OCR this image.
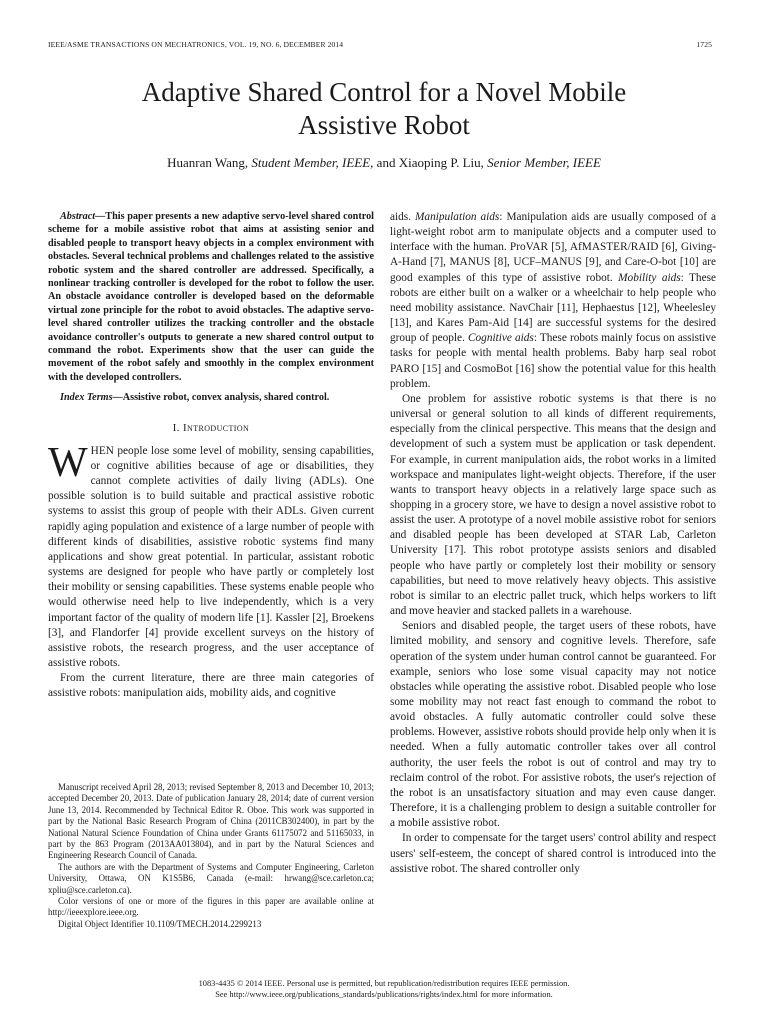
IEEE/ASME TRANSACTIONS ON MECHATRONICS, VOL. 19, NO. 6, DECEMBER 2014	1725
Adaptive Shared Control for a Novel Mobile
Assistive Robot
Huanran Wang, Student Member, IEEE, and Xiaoping P. Liu, Senior Member, IEEE

Abstract—This paper presents a new adaptive servo-level shared control scheme for a mobile assistive robot that aims at assisting senior and disabled people to transport heavy objects in a complex environment with obstacles. Several technical problems and challenges related to the assistive robotic system and the shared controller are addressed. Specifically, a nonlinear tracking controller is developed for the robot to follow the user. An obstacle avoidance controller is developed based on the deformable virtual zone principle for the robot to avoid obstacles. The adaptive servo-level shared controller utilizes the tracking controller and the obstacle avoidance controller's outputs to generate a new shared control output to command the robot. Experiments show that the user can guide the movement of the robot safely and smoothly in the complex environment with the developed controllers.

Index Terms—Assistive robot, convex analysis, shared control.

I. Introduction

WHEN people lose some level of mobility, sensing capabilities, or cognitive abilities because of age or disabilities, they cannot complete activities of daily living (ADLs). One possible solution is to build suitable and practical assistive robotic systems to assist this group of people with their ADLs. Given current rapidly aging population and existence of a large number of people with different kinds of disabilities, assistive robotic systems find many applications and show great potential. In particular, assistant robotic systems are designed for people who have partly or completely lost their mobility or sensing capabilities. These systems enable people who would otherwise need help to live independently, which is a very important factor of the quality of modern life [1]. Kassler [2], Broekens [3], and Flandorfer [4] provide excellent surveys on the history of assistive robots, the research progress, and the user acceptance of assistive robots.

From the current literature, there are three main categories of assistive robots: manipulation aids, mobility aids, and cognitive

Manuscript received April 28, 2013; revised September 8, 2013 and December 10, 2013; accepted December 20, 2013. Date of publication January 28, 2014; date of current version June 13, 2014. Recommended by Technical Editor R. Oboe. This work was supported in part by the National Basic Research Program of China (2011CB302400), in part by the National Natural Science Foundation of China under Grants 61175072 and 51165033, in part by the 863 Program (2013AA013804), and in part by the Natural Sciences and Engineering Research Council of Canada.

The authors are with the Department of Systems and Computer Engineering, Carleton University, Ottawa, ON K1S5B6, Canada (e-mail: hrwang@sce.carleton.ca; xpliu@sce.carleton.ca).

Color versions of one or more of the figures in this paper are available online at http://ieeexplore.ieee.org.

Digital Object Identifier 10.1109/TMECH.2014.2299213

aids. Manipulation aids: Manipulation aids are usually composed of a light-weight robot arm to manipulate objects and a computer used to interface with the human. ProVAR [5], AfMASTER/RAID [6], Giving-A-Hand [7], MANUS [8], UCF–MANUS [9], and Care-O-bot [10] are good examples of this type of assistive robot. Mobility aids: These robots are either built on a walker or a wheelchair to help people who need mobility assistance. NavChair [11], Hephaestus [12], Wheelesley [13], and Kares Pam-Aid [14] are successful systems for the desired group of people. Cognitive aids: These robots mainly focus on assistive tasks for people with mental health problems. Baby harp seal robot PARO [15] and CosmoBot [16] show the potential value for this health problem.

One problem for assistive robotic systems is that there is no universal or general solution to all kinds of different requirements, especially from the clinical perspective. This means that the design and development of such a system must be application or task dependent. For example, in current manipulation aids, the robot works in a limited workspace and manipulates light-weight objects. Therefore, if the user wants to transport heavy objects in a relatively large space such as shopping in a grocery store, we have to design a novel assistive robot to assist the user. A prototype of a novel mobile assistive robot for seniors and disabled people has been developed at STAR Lab, Carleton University [17]. This robot prototype assists seniors and disabled people who have partly or completely lost their mobility or sensory capabilities, but need to move relatively heavy objects. This assistive robot is similar to an electric pallet truck, which helps workers to lift and move heavier and stacked pallets in a warehouse.

Seniors and disabled people, the target users of these robots, have limited mobility, and sensory and cognitive levels. Therefore, safe operation of the system under human control cannot be guaranteed. For example, seniors who lose some visual capacity may not notice obstacles while operating the assistive robot. Disabled people who lose some mobility may not react fast enough to command the robot to avoid obstacles. A fully automatic controller could solve these problems. However, assistive robots should provide help only when it is needed. When a fully automatic controller takes over all control authority, the user feels the robot is out of control and may try to reclaim control of the robot. For assistive robots, the user's rejection of the robot is an unsatisfactory situation and may even cause danger. Therefore, it is a challenging problem to design a suitable controller for a mobile assistive robot.

In order to compensate for the target users' control ability and respect users' self-esteem, the concept of shared control is introduced into the assistive robot. The shared controller only

1083-4435 © 2014 IEEE. Personal use is permitted, but republication/redistribution requires IEEE permission.
See http://www.ieee.org/publications_standards/publications/rights/index.html for more information.
